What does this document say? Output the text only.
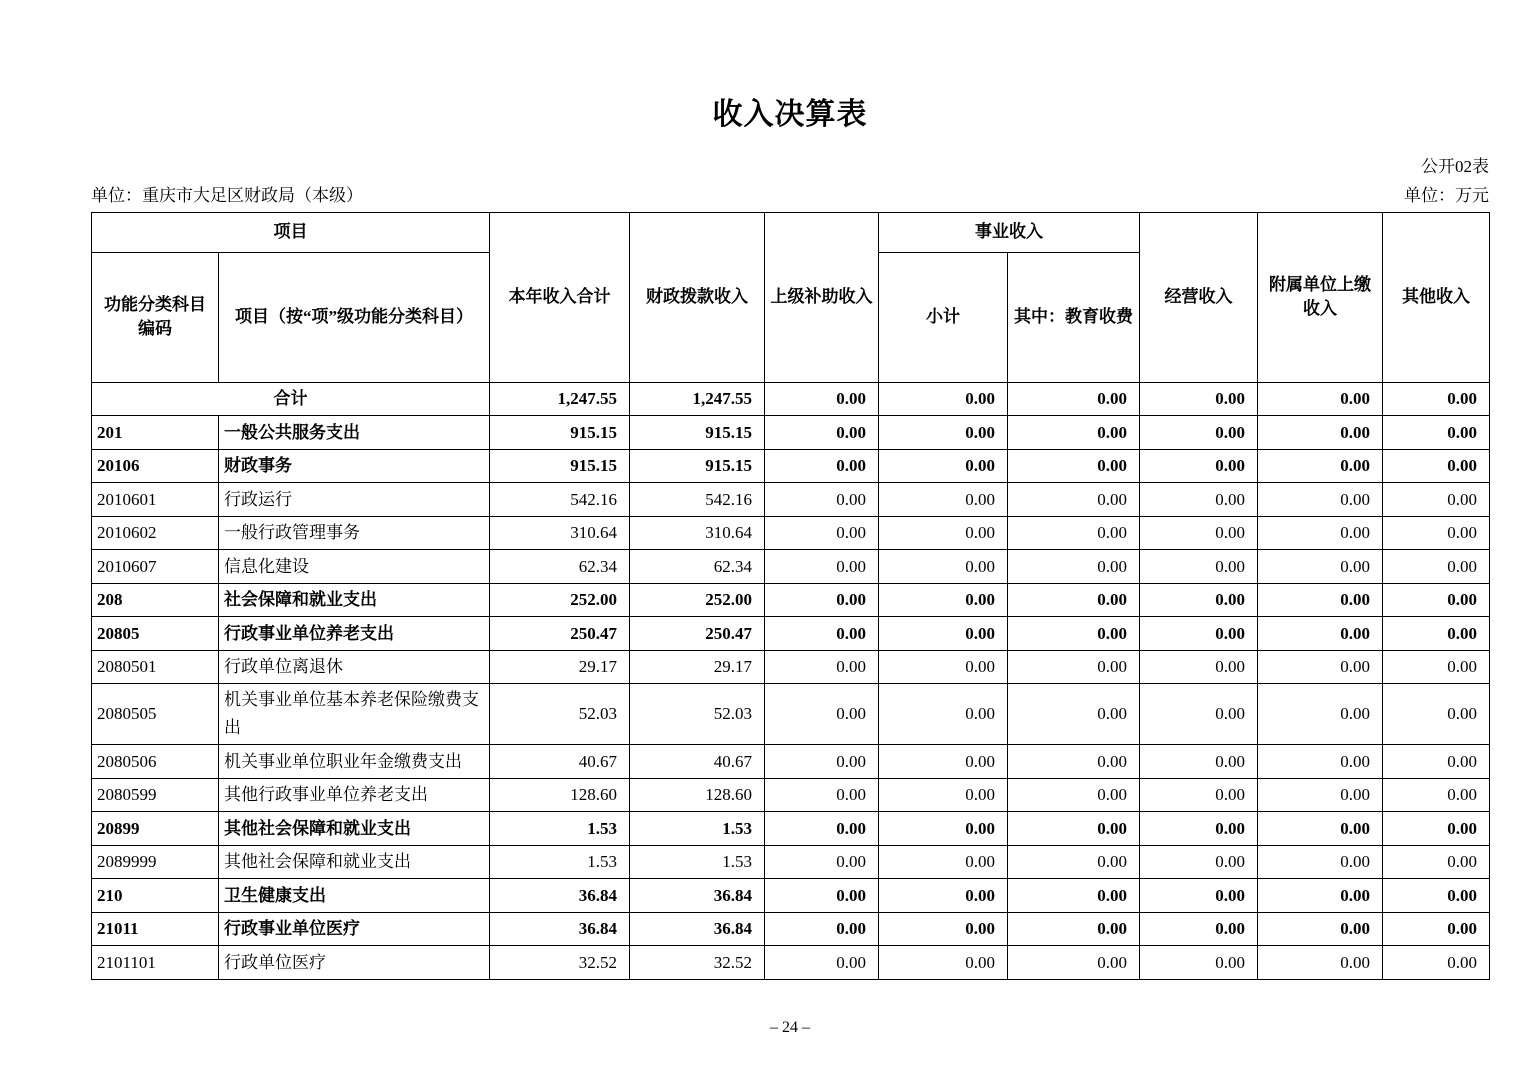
收入决算表
公开02表
单位：重庆市大足区财政局（本级）	单位：万元
项目		本年收入合计	财政拨款收入	上级补助收入	事业收入		经营收入	附属单位上缴收入	其他收入
功能分类科目编码	项目（按“项”级功能分类科目）				小计	其中：教育收费			
合计		1,247.55	1,247.55	0.00	0.00	0.00	0.00	0.00	0.00
201	一般公共服务支出	915.15	915.15	0.00	0.00	0.00	0.00	0.00	0.00
20106	财政事务	915.15	915.15	0.00	0.00	0.00	0.00	0.00	0.00
2010601	行政运行	542.16	542.16	0.00	0.00	0.00	0.00	0.00	0.00
2010602	一般行政管理事务	310.64	310.64	0.00	0.00	0.00	0.00	0.00	0.00
2010607	信息化建设	62.34	62.34	0.00	0.00	0.00	0.00	0.00	0.00
208	社会保障和就业支出	252.00	252.00	0.00	0.00	0.00	0.00	0.00	0.00
20805	行政事业单位养老支出	250.47	250.47	0.00	0.00	0.00	0.00	0.00	0.00
2080501	行政单位离退休	29.17	29.17	0.00	0.00	0.00	0.00	0.00	0.00
2080505	机关事业单位基本养老保险缴费支出	52.03	52.03	0.00	0.00	0.00	0.00	0.00	0.00
2080506	机关事业单位职业年金缴费支出	40.67	40.67	0.00	0.00	0.00	0.00	0.00	0.00
2080599	其他行政事业单位养老支出	128.60	128.60	0.00	0.00	0.00	0.00	0.00	0.00
20899	其他社会保障和就业支出	1.53	1.53	0.00	0.00	0.00	0.00	0.00	0.00
2089999	其他社会保障和就业支出	1.53	1.53	0.00	0.00	0.00	0.00	0.00	0.00
210	卫生健康支出	36.84	36.84	0.00	0.00	0.00	0.00	0.00	0.00
21011	行政事业单位医疗	36.84	36.84	0.00	0.00	0.00	0.00	0.00	0.00
2101101	行政单位医疗	32.52	32.52	0.00	0.00	0.00	0.00	0.00	0.00
– 24 –
